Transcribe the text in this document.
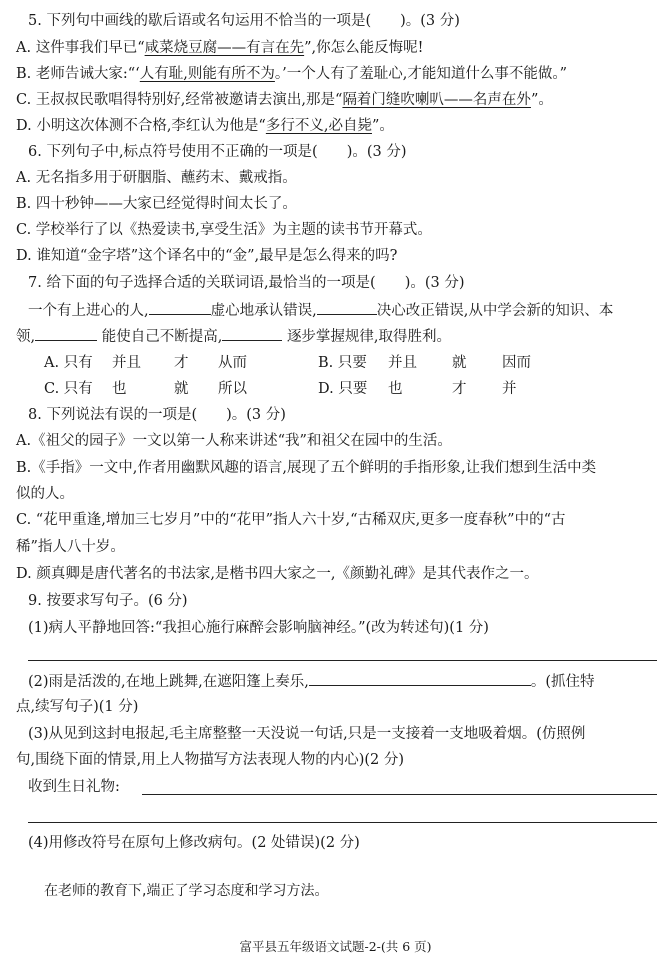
5. 下列句中画线的歇后语或名句运用不恰当的一项是(　　)。(3 分)
A. 这件事我们早已“咸菜烧豆腐——有言在先”,你怎么能反悔呢!
B. 老师告诫大家:“‘人有耻,则能有所不为。’一个人有了羞耻心,才能知道什么事不能做。”
C. 王叔叔民歌唱得特别好,经常被邀请去演出,那是“隔着门缝吹喇叭——名声在外”。
D. 小明这次体测不合格,李红认为他是“多行不义,必自毙”。
6. 下列句子中,标点符号使用不正确的一项是(　　)。(3 分)
A. 无名指多用于研胭脂、蘸药末、戴戒指。
B. 四十秒钟——大家已经觉得时间太长了。
C. 学校举行了以《热爱读书,享受生活》为主题的读书节开幕式。
D. 谁知道“金字塔”这个译名中的“金”,最早是怎么得来的吗?
7. 给下面的句子选择合适的关联词语,最恰当的一项是(　　)。(3 分)
一个有上进心的人,	虚心地承认错误,	决心改正错误,从中学会新的知识、本
领,	能使自己不断提高,	逐步掌握规律,取得胜利。
A. 只有 并且 才 从而	B. 只要 并且 就 因而
C. 只有 也	就 所以	D. 只要 也	才 并
8. 下列说法有误的一项是(　　)。(3 分)
A.《祖父的园子》一文以第一人称来讲述“我”和祖父在园中的生活。
B.《手指》一文中,作者用幽默风趣的语言,展现了五个鲜明的手指形象,让我们想到生活中类
似的人。
C. “花甲重逢,增加三七岁月”中的“花甲”指人六十岁,“古稀双庆,更多一度春秋”中的“古
稀”指人八十岁。
D. 颜真卿是唐代著名的书法家,是楷书四大家之一,《颜勤礼碑》是其代表作之一。
9. 按要求写句子。(6 分)
(1)病人平静地回答:“我担心施行麻醉会影响脑神经。”(改为转述句)(1 分)
(2)雨是活泼的,在地上跳舞,在遮阳篷上奏乐,	。(抓住特
点,续写句子)(1 分)
(3)从见到这封电报起,毛主席整整一天没说一句话,只是一支接着一支地吸着烟。(仿照例
句,围绕下面的情景,用上人物描写方法表现人物的内心)(2 分)
收到生日礼物:
(4)用修改符号在原句上修改病句。(2 处错误)(2 分)
在老师的教育下,端正了学习态度和学习方法。
富平县五年级语文试题-2-(共 6 页)
